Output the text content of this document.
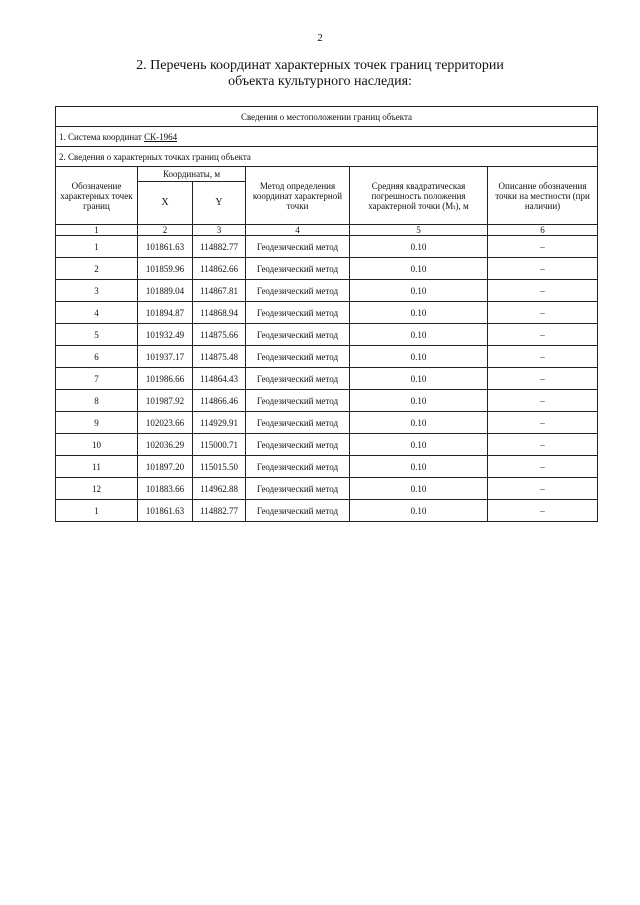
2
2. Перечень координат характерных точек границ территории
объекта культурного наследия:
Сведения о местоположении границ объекта					
1. Система координат СК-1964					
2. Сведения о характерных точках границ объекта					
Обозначение характерных точек границ	Координаты, м		Метод определения координат характерной точки	Средняя квадратическая погрешность положения характерной точки (Mₜ), м	Описание обозначения точки на местности (при наличии)
	X	Y			
1	2	3	4	5	6
1	101861.63	114882.77	Геодезический метод	0.10	–
2	101859.96	114862.66	Геодезический метод	0.10	–
3	101889.04	114867.81	Геодезический метод	0.10	–
4	101894.87	114868.94	Геодезический метод	0.10	–
5	101932.49	114875.66	Геодезический метод	0.10	–
6	101937.17	114875.48	Геодезический метод	0.10	–
7	101986.66	114864.43	Геодезический метод	0.10	–
8	101987.92	114866.46	Геодезический метод	0.10	–
9	102023.66	114929.91	Геодезический метод	0.10	–
10	102036.29	115000.71	Геодезический метод	0.10	–
11	101897.20	115015.50	Геодезический метод	0.10	–
12	101883.66	114962.88	Геодезический метод	0.10	–
1	101861.63	114882.77	Геодезический метод	0.10	–
